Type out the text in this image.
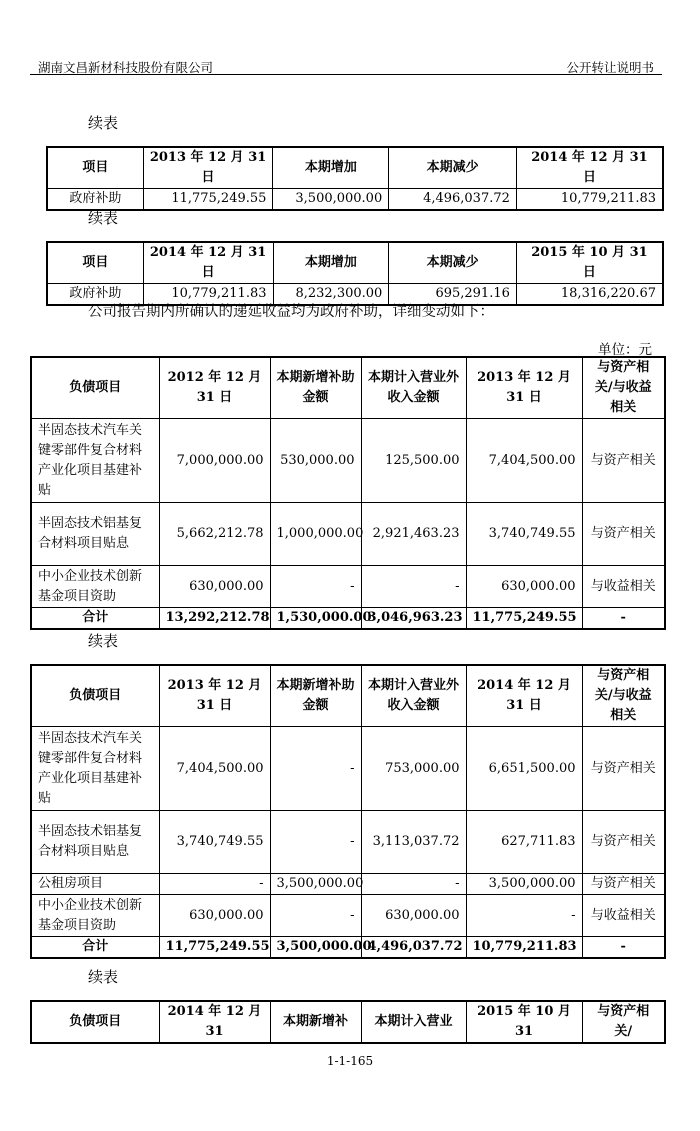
湖南文昌新材科技股份有限公司	公开转让说明书
续表
项目	2013 年 12 月 31 日	本期增加	本期减少	2014 年 12 月 31 日
政府补助	11,775,249.55	3,500,000.00	4,496,037.72	10,779,211.83
续表
项目	2014 年 12 月 31 日	本期增加	本期减少	2015 年 10 月 31 日
政府补助	10,779,211.83	8,232,300.00	695,291.16	18,316,220.67
公司报告期内所确认的递延收益均为政府补助，详细变动如下：
单位：元
负债项目	2012 年 12 月 31 日	本期新增补助金额	本期计入营业外收入金额	2013 年 12 月 31 日	与资产相关/与收益相关
半固态技术汽车关键零部件复合材料产业化项目基建补贴	7,000,000.00	530,000.00	125,500.00	7,404,500.00	与资产相关
半固态技术铝基复合材料项目贴息	5,662,212.78	1,000,000.00	2,921,463.23	3,740,749.55	与资产相关
中小企业技术创新基金项目资助	630,000.00	-	-	630,000.00	与收益相关
合计	13,292,212.78	1,530,000.00	3,046,963.23	11,775,249.55	-
续表
负债项目	2013 年 12 月 31 日	本期新增补助金额	本期计入营业外收入金额	2014 年 12 月 31 日	与资产相关/与收益相关
半固态技术汽车关键零部件复合材料产业化项目基建补贴	7,404,500.00	-	753,000.00	6,651,500.00	与资产相关
半固态技术铝基复合材料项目贴息	3,740,749.55	-	3,113,037.72	627,711.83	与资产相关
公租房项目	-	3,500,000.00	-	3,500,000.00	与资产相关
中小企业技术创新基金项目资助	630,000.00	-	630,000.00	-	与收益相关
合计	11,775,249.55	3,500,000.00	4,496,037.72	10,779,211.83	-
续表
负债项目	2014 年 12 月 31	本期新增补	本期计入营业	2015 年 10 月 31	与资产相关/
1-1-165
